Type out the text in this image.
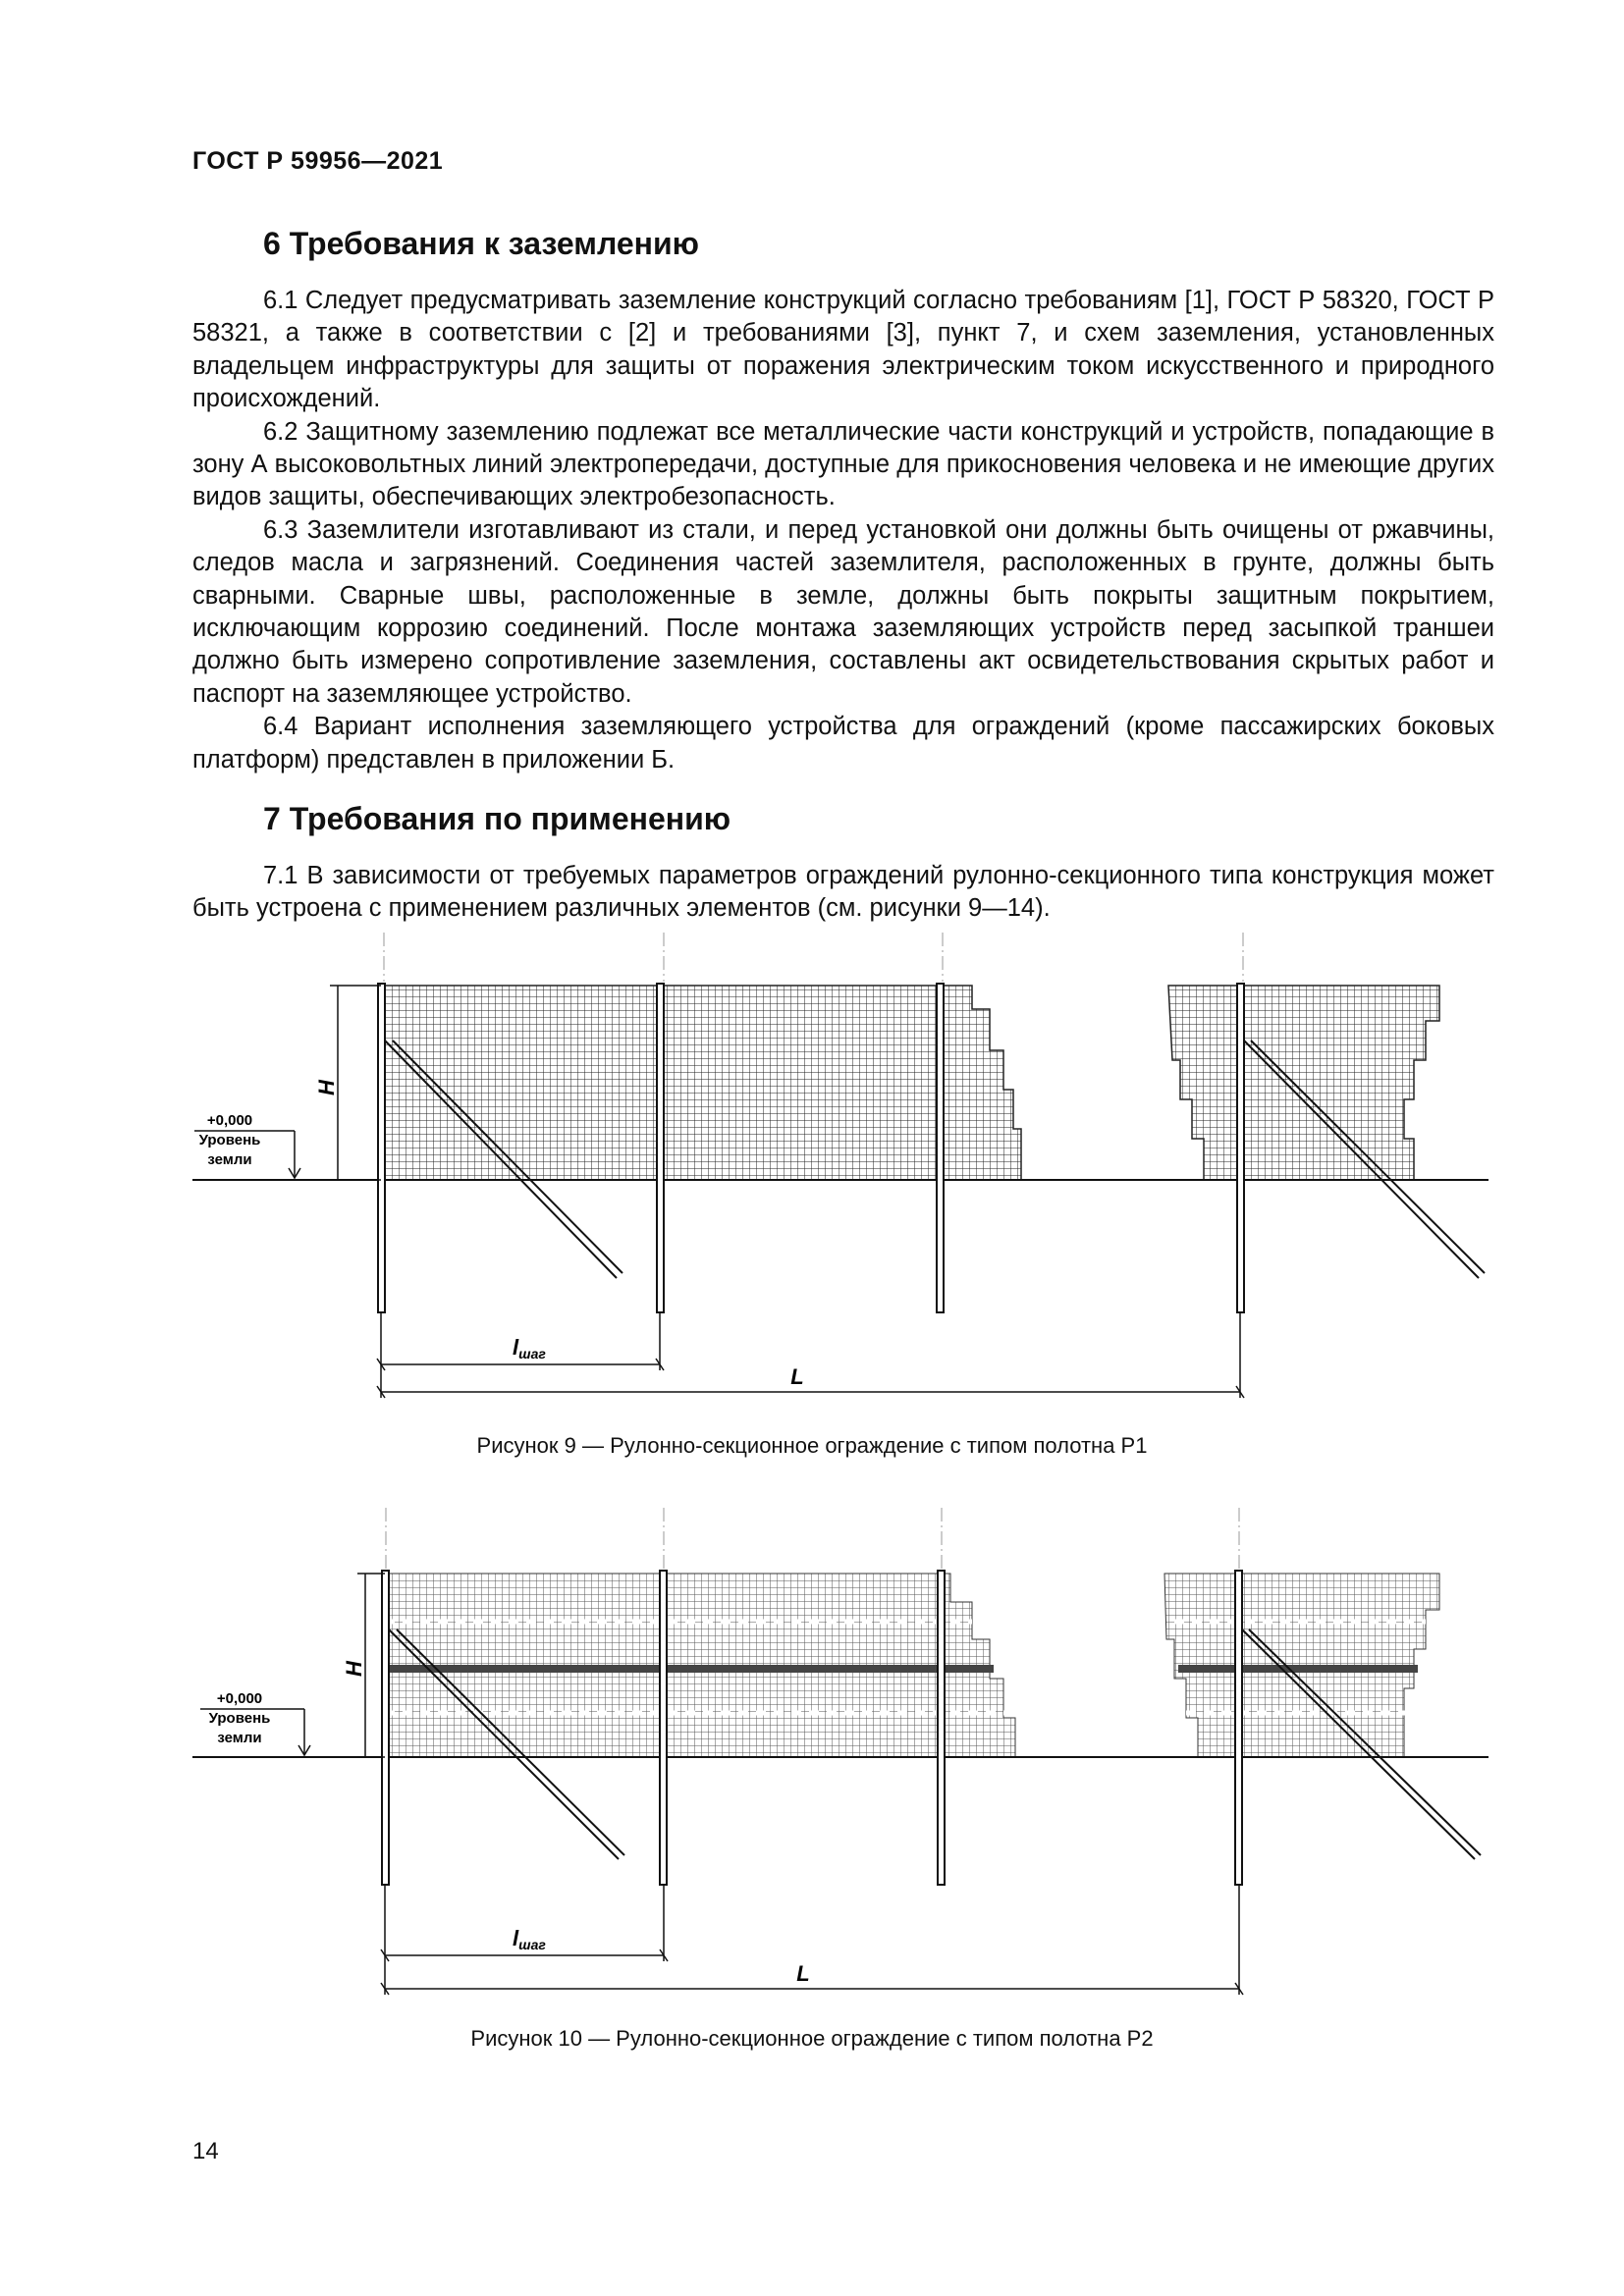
ГОСТ Р 59956—2021
6 Требования к заземлению

6.1 Следует предусматривать заземление конструкций согласно требованиям [1], ГОСТ Р 58320, ГОСТ Р 58321, а также в соответствии с [2] и требованиями [3], пункт 7, и схем заземления, установленных владельцем инфраструктуры для защиты от поражения электрическим током искусственного и природного происхождений.

6.2 Защитному заземлению подлежат все металлические части конструкций и устройств, попадающие в зону А высоковольтных линий электропередачи, доступные для прикосновения человека и не имеющие других видов защиты, обеспечивающих электробезопасность.

6.3 Заземлители изготавливают из стали, и перед установкой они должны быть очищены от ржавчины, следов масла и загрязнений. Соединения частей заземлителя, расположенных в грунте, должны быть сварными. Сварные швы, расположенные в земле, должны быть покрыты защитным покрытием, исключающим коррозию соединений. После монтажа заземляющих устройств перед засыпкой траншеи должно быть измерено сопротивление заземления, составлены акт освидетельствования скрытых работ и паспорт на заземляющее устройство.

6.4 Вариант исполнения заземляющего устройства для ограждений (кроме пассажирских боковых платформ) представлен в приложении Б.

7 Требования по применению

7.1 В зависимости от требуемых параметров ограждений рулонно-секционного типа конструкция может быть устроена с применением различных элементов (см. рисунки 9—14).

H
+0,000
Уровень
земли
lшаг
L
Рисунок 9 — Рулонно-секционное ограждение с типом полотна Р1
H
+0,000
Уровень
земли
lшаг
L
Рисунок 10 — Рулонно-секционное ограждение с типом полотна Р2
14
